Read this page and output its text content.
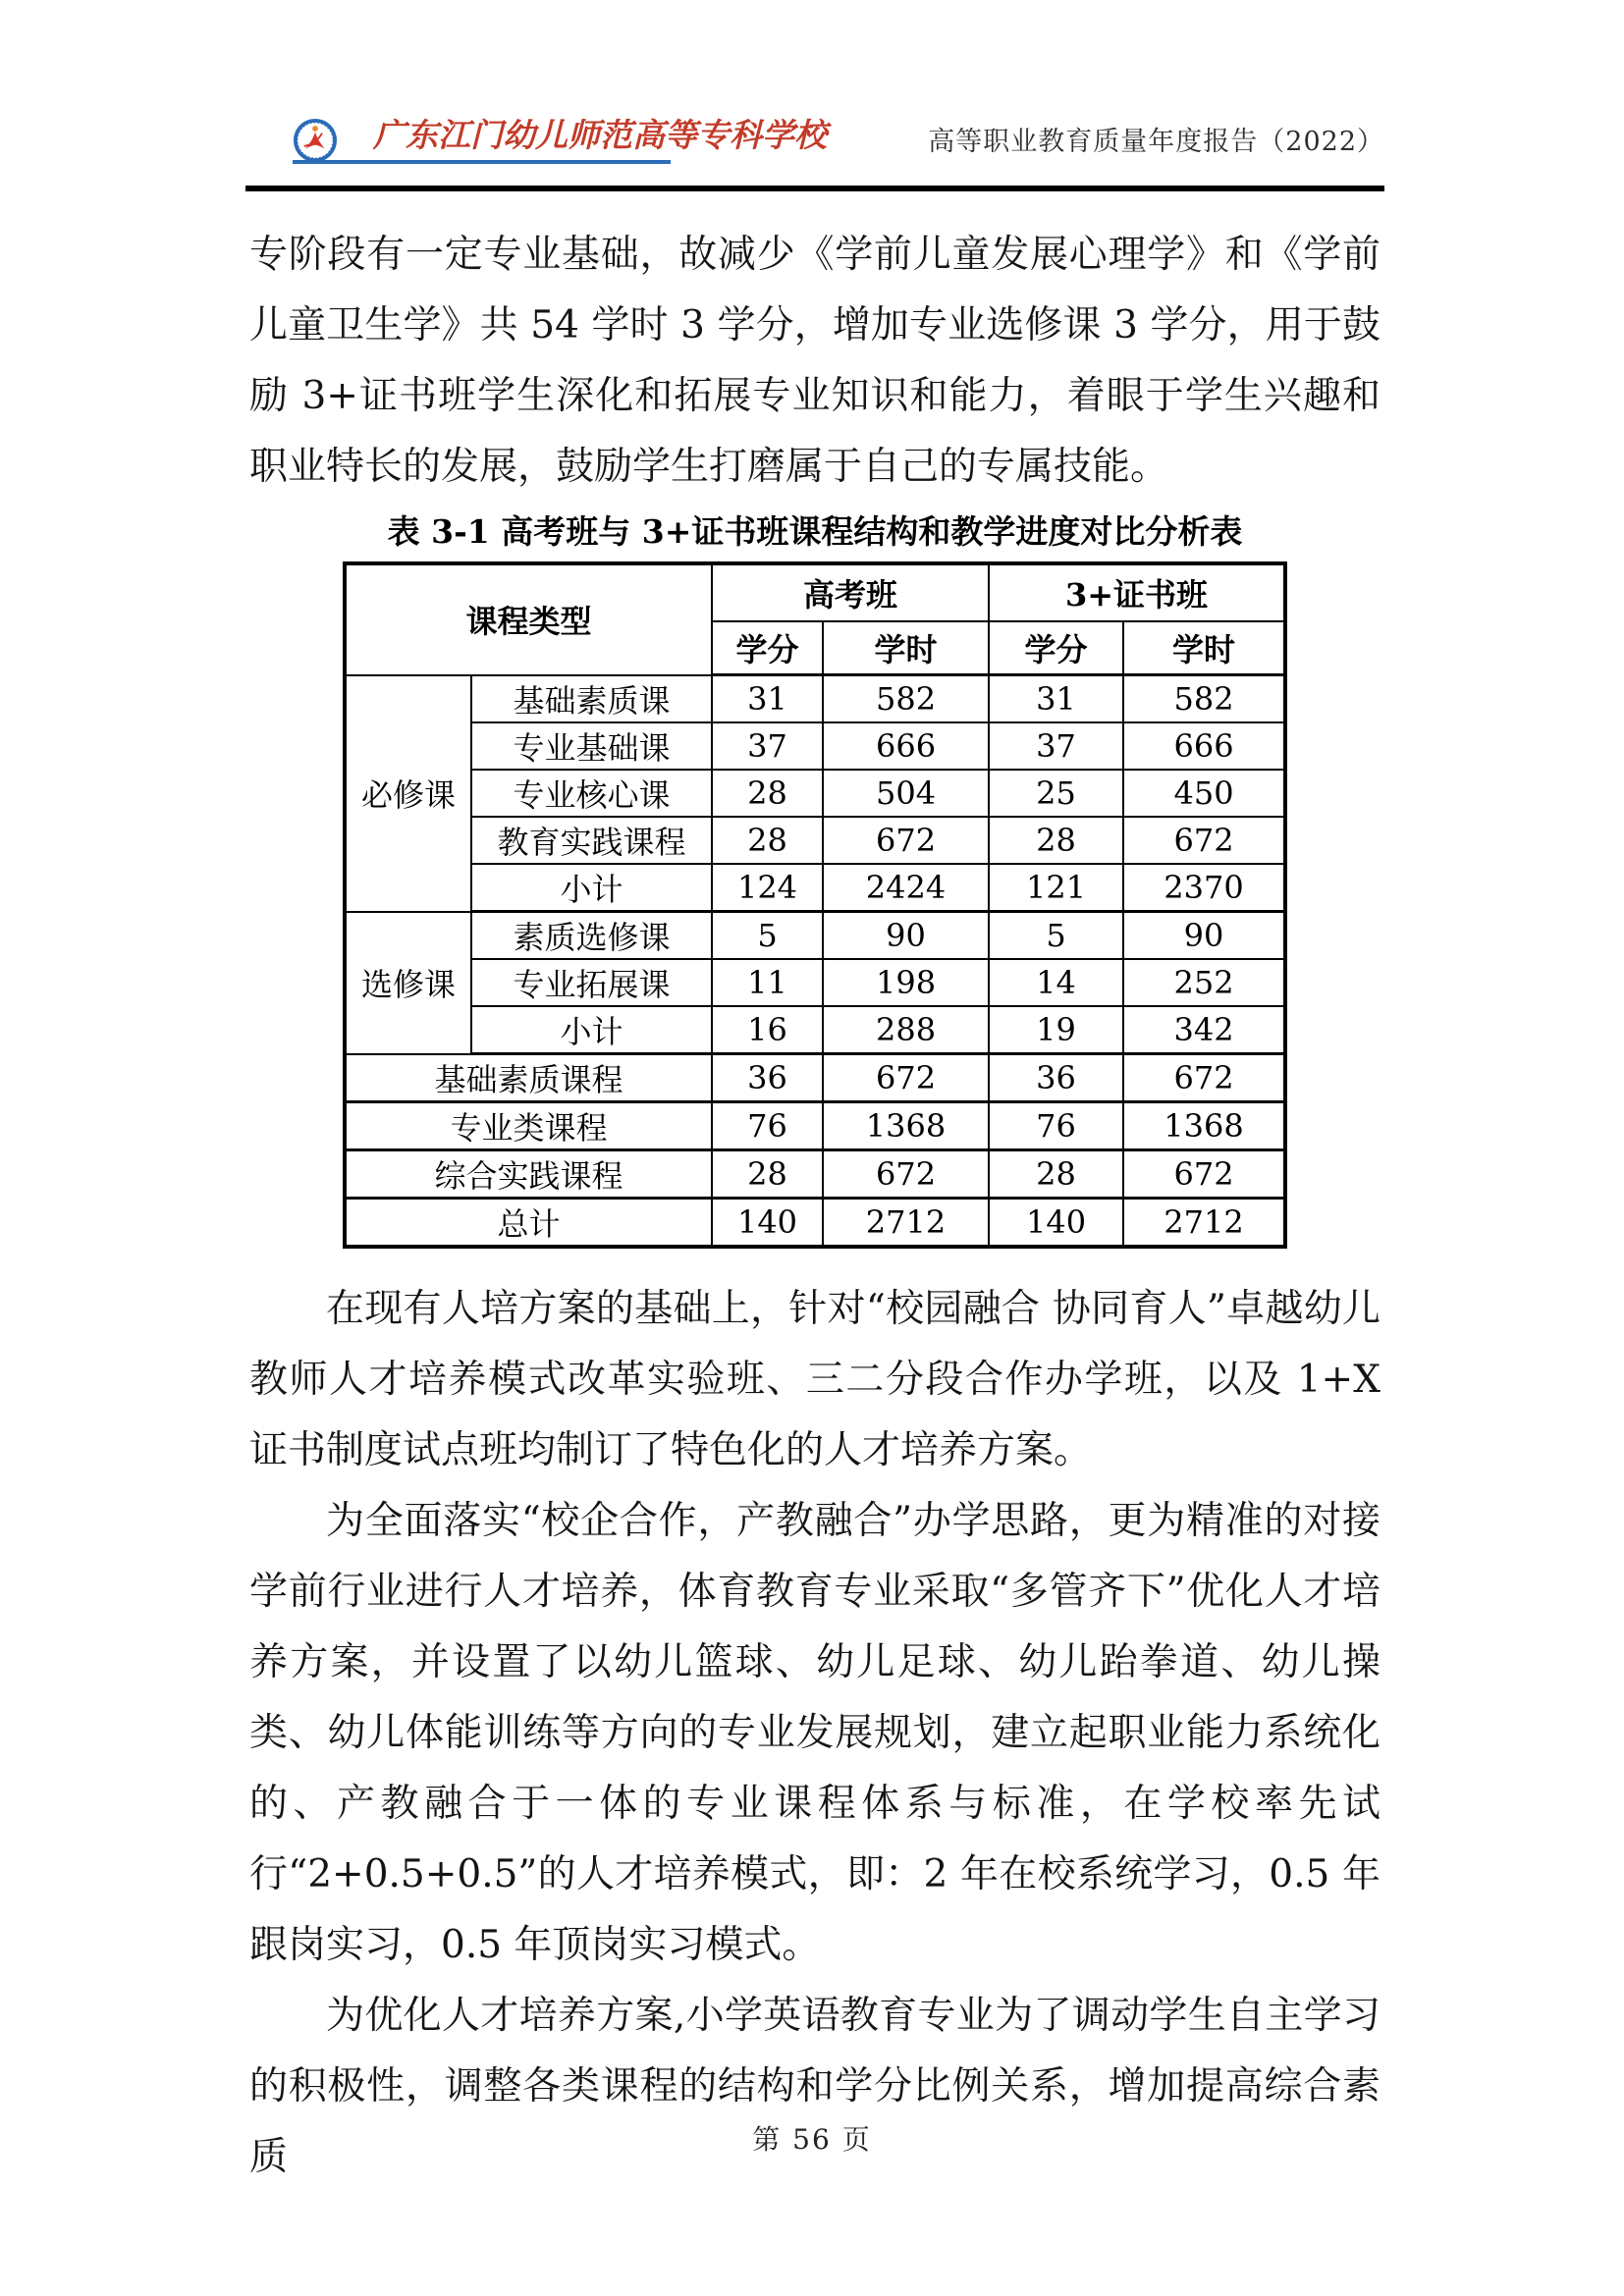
广东江门幼儿师范高等专科学校	高等职业教育质量年度报告（2022）

专阶段有一定专业基础，故减少《学前儿童发展心理学》和《学前儿童卫生学》共 54 学时 3 学分，增加专业选修课 3 学分，用于鼓励 3+证书班学生深化和拓展专业知识和能力，着眼于学生兴趣和职业特长的发展，鼓励学生打磨属于自己的专属技能。

表 3-1 高考班与 3+证书班课程结构和教学进度对比分析表
课程类型		高考班		3+证书班	
		学分	学时	学分	学时
必修课	基础素质课	31	582	31	582
	专业基础课	37	666	37	666
	专业核心课	28	504	25	450
	教育实践课程	28	672	28	672
	小计	124	2424	121	2370
选修课	素质选修课	5	90	5	90
	专业拓展课	11	198	14	252
	小计	16	288	19	342
基础素质课程		36	672	36	672
专业类课程		76	1368	76	1368
综合实践课程		28	672	28	672
总计		140	2712	140	2712

在现有人培方案的基础上，针对“校园融合 协同育人”卓越幼儿教师人才培养模式改革实验班、三二分段合作办学班，以及 1+X 证书制度试点班均制订了特色化的人才培养方案。

为全面落实“校企合作，产教融合”办学思路，更为精准的对接学前行业进行人才培养，体育教育专业采取“多管齐下”优化人才培养方案，并设置了以幼儿篮球、幼儿足球、幼儿跆拳道、幼儿操类、幼儿体能训练等方向的专业发展规划，建立起职业能力系统化的、产教融合于一体的专业课程体系与标准，在学校率先试行“2+0.5+0.5”的人才培养模式，即：2 年在校系统学习，0.5 年跟岗实习，0.5 年顶岗实习模式。

为优化人才培养方案,小学英语教育专业为了调动学生自主学习的积极性，调整各类课程的结构和学分比例关系，增加提高综合素质	第 56 页
